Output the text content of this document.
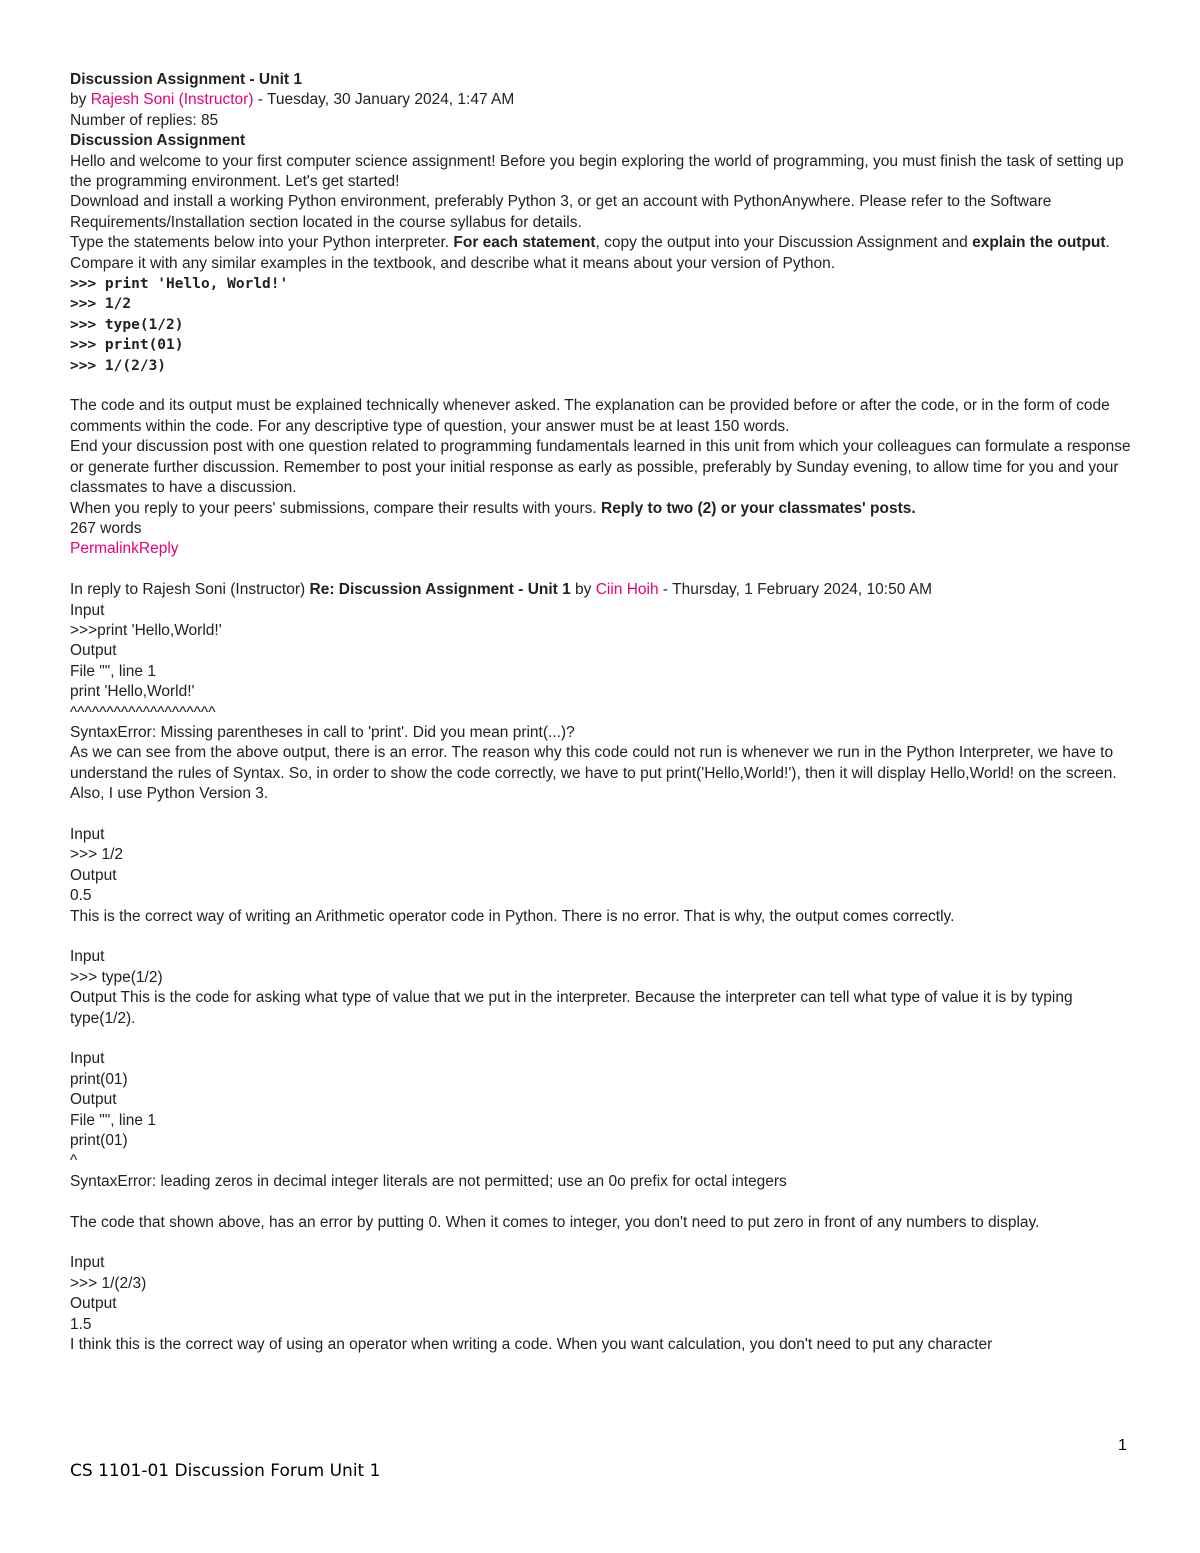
Discussion Assignment - Unit 1
by Rajesh Soni (Instructor) - Tuesday, 30 January 2024, 1:47 AM
Number of replies: 85
Discussion Assignment
Hello and welcome to your first computer science assignment! Before you begin exploring the world of programming, you must finish the task of setting up the programming environment. Let's get started!
Download and install a working Python environment, preferably Python 3, or get an account with PythonAnywhere. Please refer to the Software Requirements/Installation section located in the course syllabus for details.
Type the statements below into your Python interpreter. For each statement, copy the output into your Discussion Assignment and explain the output. Compare it with any similar examples in the textbook, and describe what it means about your version of Python.
>>> print 'Hello, World!'
>>> 1/2
>>> type(1/2)
>>> print(01)
>>> 1/(2/3)
The code and its output must be explained technically whenever asked. The explanation can be provided before or after the code, or in the form of code comments within the code. For any descriptive type of question, your answer must be at least 150 words.
End your discussion post with one question related to programming fundamentals learned in this unit from which your colleagues can formulate a response or generate further discussion. Remember to post your initial response as early as possible, preferably by Sunday evening, to allow time for you and your classmates to have a discussion.
When you reply to your peers' submissions, compare their results with yours. Reply to two (2) or your classmates' posts.
267 words
PermalinkReply
In reply to Rajesh Soni (Instructor) Re: Discussion Assignment - Unit 1 by Ciin Hoih - Thursday, 1 February 2024, 10:50 AM
Input
>>>print 'Hello,World!'
Output
File "", line 1
print 'Hello,World!'
^^^^^^^^^^^^^^^^^^^^
SyntaxError: Missing parentheses in call to 'print'. Did you mean print(...)?
As we can see from the above output, there is an error. The reason why this code could not run is whenever we run in the Python Interpreter, we have to understand the rules of Syntax. So, in order to show the code correctly, we have to put print('Hello,World!'), then it will display Hello,World! on the screen.
Also, I use Python Version 3.
Input
>>> 1/2
Output
0.5
This is the correct way of writing an Arithmetic operator code in Python. There is no error. That is why, the output comes correctly.
Input
>>> type(1/2)
Output This is the code for asking what type of value that we put in the interpreter. Because the interpreter can tell what type of value it is by typing type(1/2).
Input
print(01)
Output
File "", line 1
print(01)
^
SyntaxError: leading zeros in decimal integer literals are not permitted; use an 0o prefix for octal integers
The code that shown above, has an error by putting 0. When it comes to integer, you don't need to put zero in front of any numbers to display.
Input
>>> 1/(2/3)
Output
1.5
I think this is the correct way of using an operator when writing a code. When you want calculation, you don't need to put any character
1
CS 1101-01 Discussion Forum Unit 1
